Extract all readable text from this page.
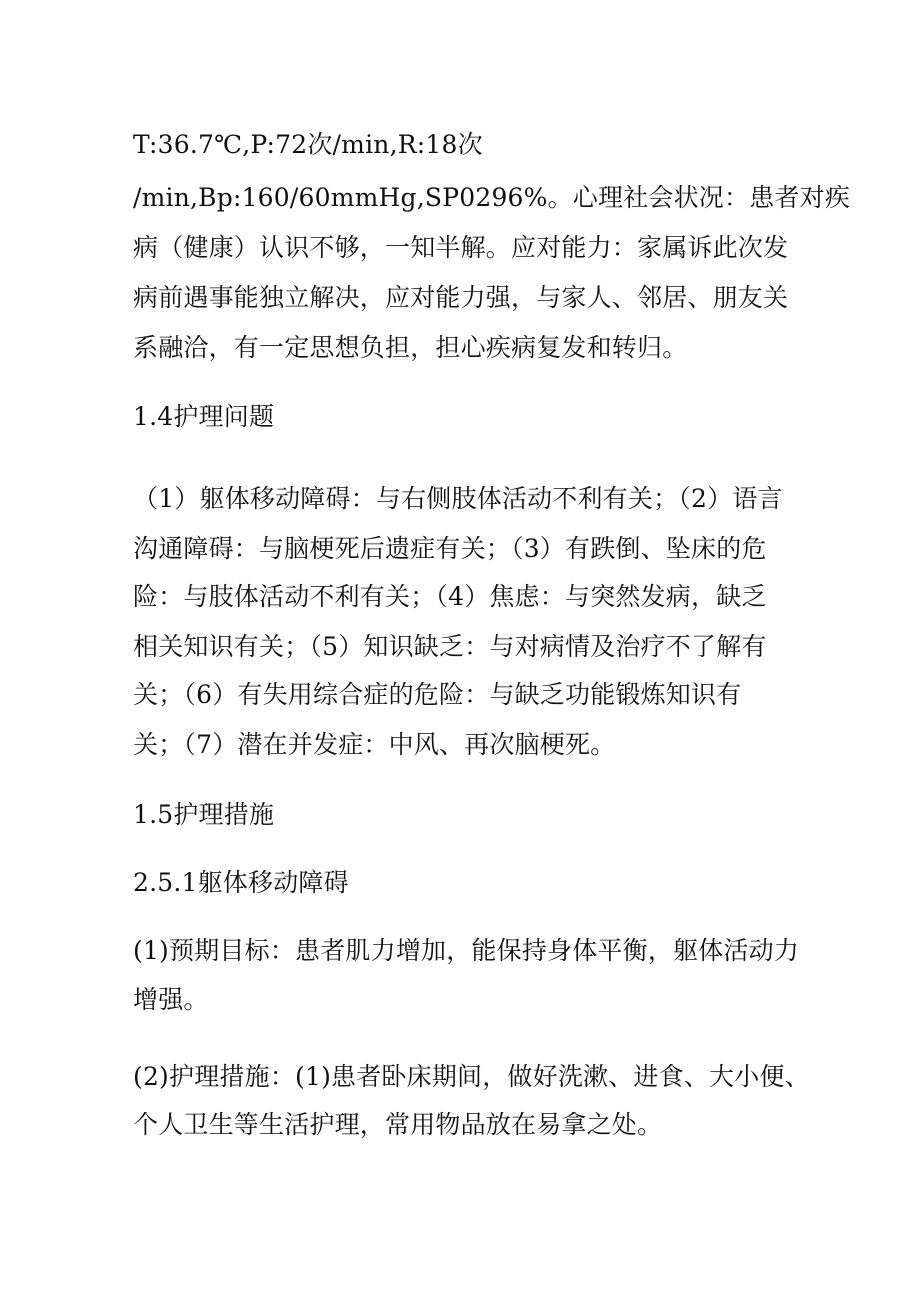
T:36.7℃,P:72次/min,R:18次
/min,Bp:160/60mmHg,SP0296%。心理社会状况：患者对疾
病（健康）认识不够，一知半解。应对能力：家属诉此次发
病前遇事能独立解决，应对能力强，与家人、邻居、朋友关
系融洽，有一定思想负担，担心疾病复发和转归。
1.4护理问题
（1）躯体移动障碍：与右侧肢体活动不利有关；（2）语言
沟通障碍：与脑梗死后遗症有关；（3）有跌倒、坠床的危
险：与肢体活动不利有关；（4）焦虑：与突然发病，缺乏
相关知识有关；（5）知识缺乏：与对病情及治疗不了解有
关；（6）有失用综合症的危险：与缺乏功能锻炼知识有
关；（7）潜在并发症：中风、再次脑梗死。
1.5护理措施
2.5.1躯体移动障碍
(1)预期目标：患者肌力增加，能保持身体平衡，躯体活动力
增强。
(2)护理措施：(1)患者卧床期间，做好洗漱、进食、大小便、
个人卫生等生活护理，常用物品放在易拿之处。
